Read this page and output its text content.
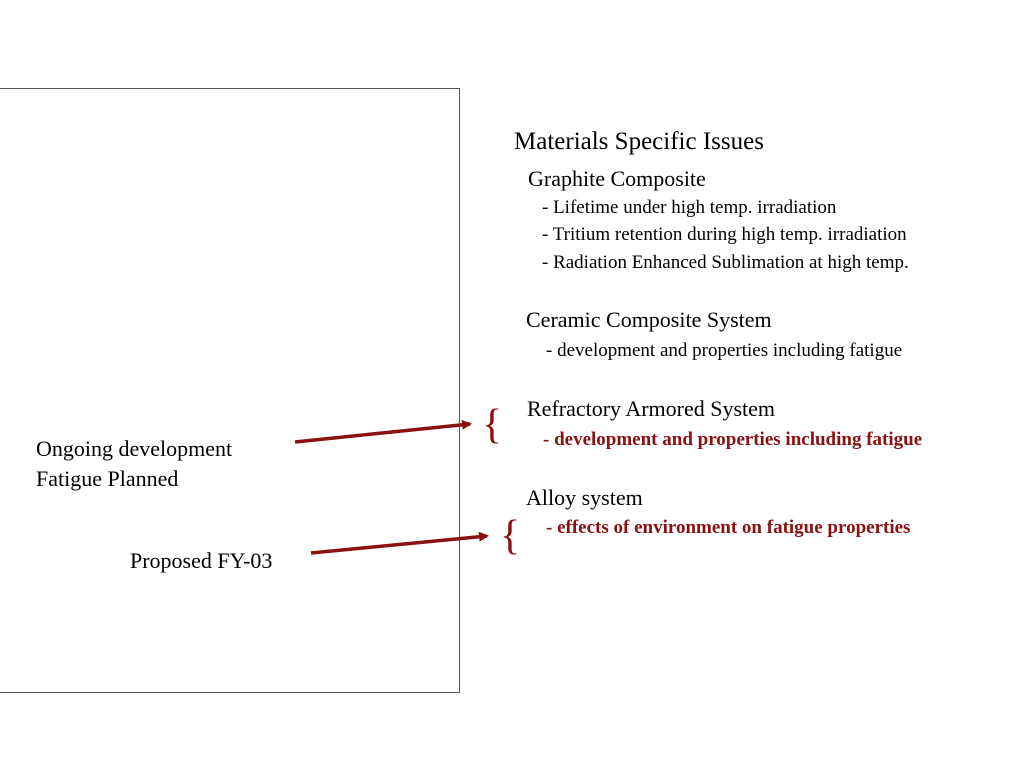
Materials Specific Issues
Graphite Composite
- Lifetime under high temp. irradiation
- Tritium retention during high temp. irradiation
- Radiation Enhanced Sublimation at high temp.
Ceramic Composite System
- development and properties including fatigue
Refractory Armored System
{ - development and properties including fatigue
Alloy system
{ - effects of environment on fatigue properties
Ongoing development
Fatigue Planned
Proposed FY-03
